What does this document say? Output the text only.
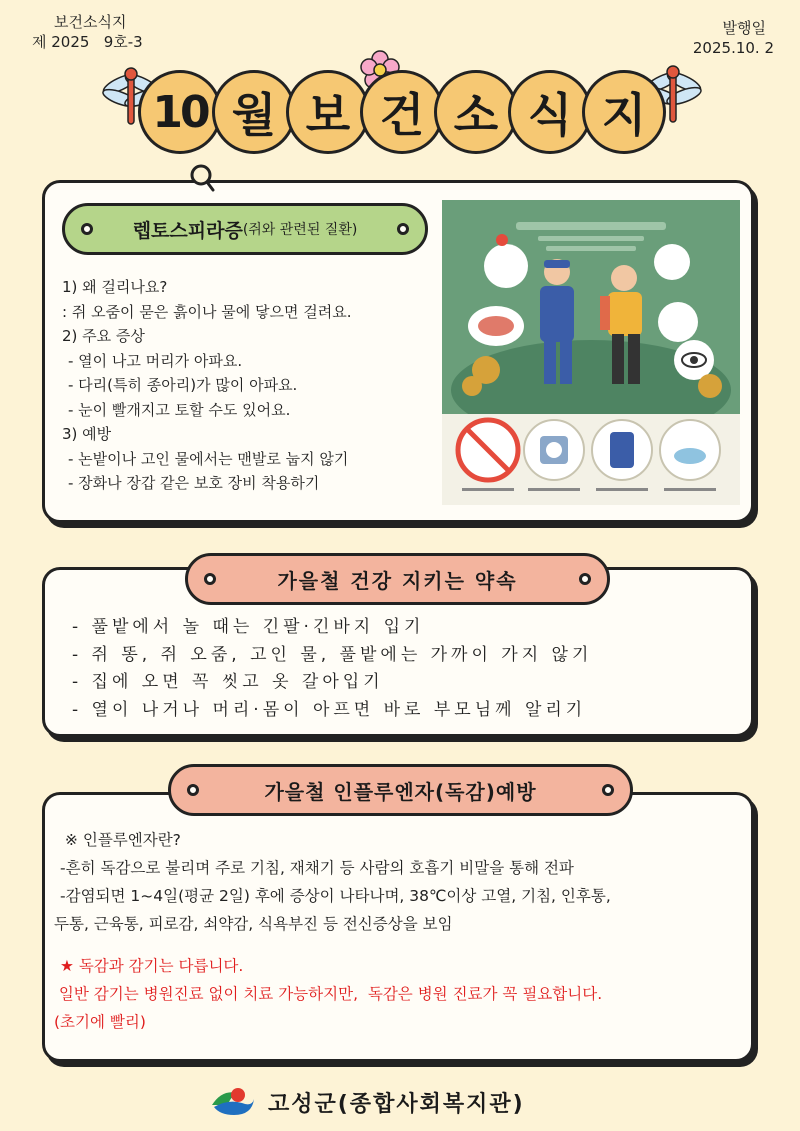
보건소식지
제 2025   9호-3
발행일
2025.10. 2
10 월 보 건 소 식 지
렙토스피라증 (쥐와 관련된 질환)
1) 왜 걸리나요?
: 쥐 오줌이 묻은 흙이나 물에 닿으면 걸려요.
2) 주요 증상
- 열이 나고 머리가 아파요.
- 다리(특히 종아리)가 많이 아파요.
- 눈이 빨개지고 토할 수도 있어요.
3) 예방
- 논밭이나 고인 물에서는 맨발로 눕지 않기
- 장화나 장갑 같은 보호 장비 착용하기
가을철 건강 지키는 약속
- 풀밭에서 놀 때는 긴팔·긴바지 입기
- 쥐 똥, 쥐 오줌, 고인 물, 풀밭에는 가까이 가지 않기
- 집에 오면 꼭 씻고 옷 갈아입기
- 열이 나거나 머리·몸이 아프면 바로 부모님께 알리기
가을철 인플루엔자(독감)예방
※ 인플루엔자란?
-흔히 독감으로 불리며 주로 기침, 재채기 등 사람의 호흡기 비말을 통해 전파
-감염되면 1~4일(평균 2일) 후에 증상이 나타나며, 38℃이상 고열, 기침, 인후통,
두통, 근육통, 피로감, 쇠약감, 식욕부진 등 전신증상을 보임
★ 독감과 감기는 다릅니다.
일반 감기는 병원진료 없이 치료 가능하지만,  독감은 병원 진료가 꼭 필요합니다.
(초기에 빨리)
고성군(종합사회복지관)
